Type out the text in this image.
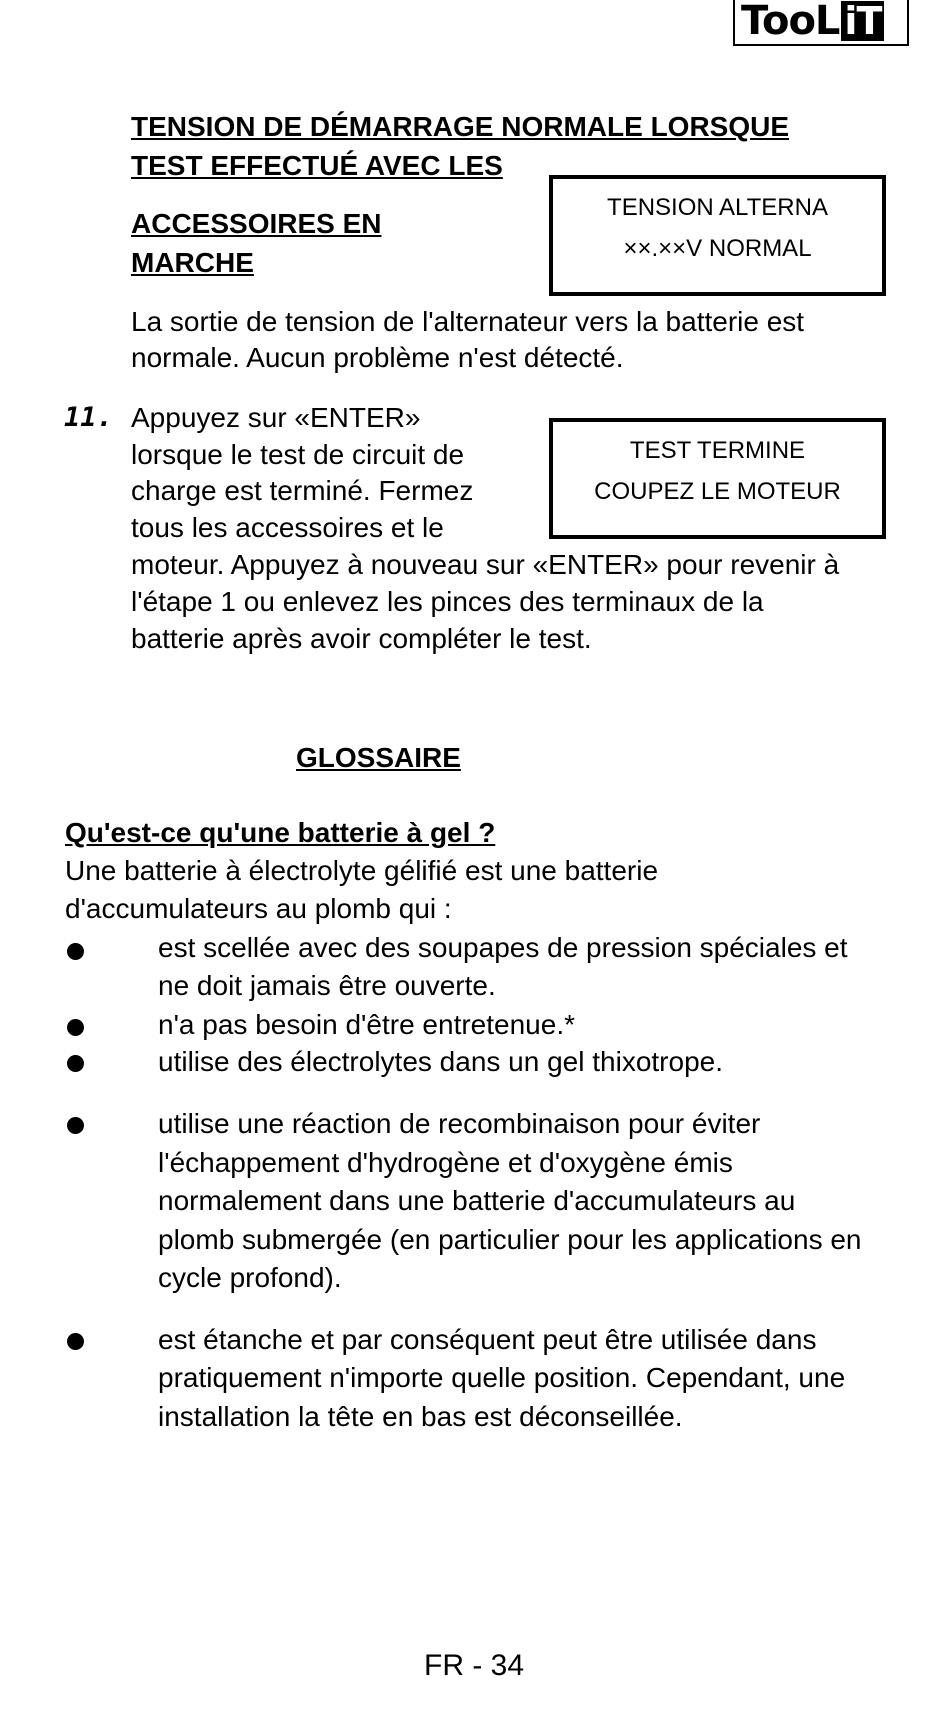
TooL iT
TENSION DE DÉMARRAGE NORMALE LORSQUE
TEST EFFECTUÉ AVEC LES
ACCESSOIRES EN
MARCHE
TENSION ALTERNA
××.××V NORMAL
La sortie de tension de l'alternateur vers la batterie est
normale. Aucun problème n'est détecté.
11. Appuyez sur «ENTER»
lorsque le test de circuit de
charge est terminé. Fermez
tous les accessoires et le
moteur. Appuyez à nouveau sur «ENTER» pour revenir à
l'étape 1 ou enlevez les pinces des terminaux de la
batterie après avoir compléter le test.
TEST TERMINE
COUPEZ LE MOTEUR
GLOSSAIRE
Qu'est-ce qu'une batterie à gel ?
Une batterie à électrolyte gélifié est une batterie
d'accumulateurs au plomb qui :
est scellée avec des soupapes de pression spéciales et
ne doit jamais être ouverte.
n'a pas besoin d'être entretenue.*
utilise des électrolytes dans un gel thixotrope.
utilise une réaction de recombinaison pour éviter
l'échappement d'hydrogène et d'oxygène émis
normalement dans une batterie d'accumulateurs au
plomb submergée (en particulier pour les applications en
cycle profond).
est étanche et par conséquent peut être utilisée dans
pratiquement n'importe quelle position. Cependant, une
installation la tête en bas est déconseillée.
FR - 34
